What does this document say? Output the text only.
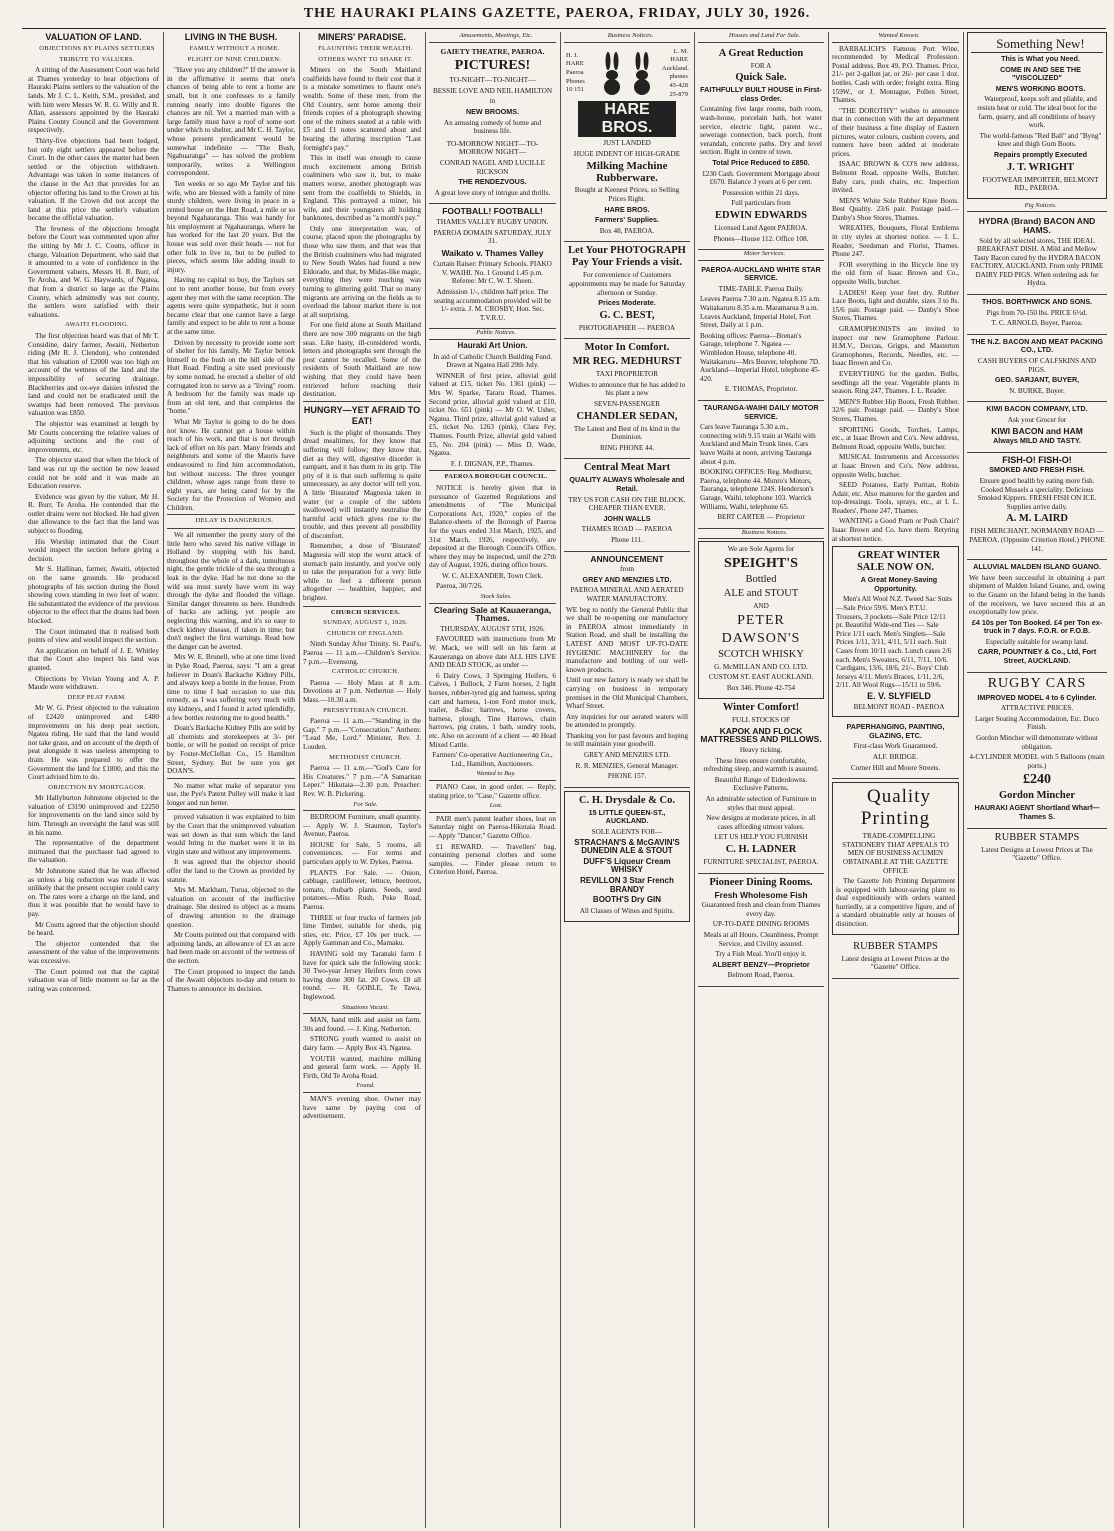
THE HAURAKI PLAINS GAZETTE, PAEROA, FRIDAY, JULY 30, 1926.

VALUATION OF LAND.

OBJECTIONS BY PLAINS SETTLERS

TRIBUTE TO VALUERS.

A sitting of the Assessment Court was held at Thames yesterday to hear objections of Hauraki Plains settlers to the valuation of the lands. Mr J. C. L. Keith, S.M., presided, and with him were Messrs W. R. G. Willy and R. Allan, assessors appointed by the Hauraki Plains County Council and the Government respectively.

Thirty-five objections had been lodged, but only eight settlers appeared before the Court. In the other cases the matter had been settled or the objection withdrawn. Advantage was taken in some instances of the clause in the Act that provides for an objector offering his land to the Crown at his valuation. If the Crown did not accept the land at this price the settler's valuation became the official valuation.

The fewness of the objections brought before the Court was commented upon after the sitting by Mr J. C. Coutts, officer in charge, Valuation Department, who said that it amounted to a vote of confidence in the Government valuers, Messrs H. R. Burr, of Te Aroha, and W. G. Haywards, of Ngatea, that from a district so large as the Plains County, which admittedly was not county, the settlers were satisfied with their valuations.

AWAITI FLOODING.

The first objection heard was that of Mr T. Considine, dairy farmer, Awaiti, Netherton riding (Mr R. J. Clendon), who contended that his valuation of £2000 was too high on account of the wetness of the land and the impossibility of securing drainage. Blackberries and ox-eye daisies infested the land and could not be eradicated until the swamps had been removed. The previous valuation was £850.

The objector was examined at length by Mr Coutts concerning the relative values of adjoining sections and the cost of improvements, etc.

The objector stated that when the block of land was cut up the section he now leased could not be sold and it was made an Education reserve.

Evidence was given by the valuer, Mr H. R. Burr, Te Aroha. He contended that the outlet drains were not blocked. He had given due allowance to the fact that the land was subject to flooding.

His Worship intimated that the Court would inspect the section before giving a decision.

Mr S. Hallinan, farmer, Awaiti, objected on the same grounds. He produced photographs of his section during the flood showing cows standing in two feet of water. He substantiated the evidence of the previous objector to the effect that the drains had been blocked.

The Court intimated that it realised both points of view and would inspect the section.

An application on behalf of J. E. Whitley that the Court also inspect his land was granted.

Objections by Vivian Young and A. P. Maude were withdrawn.

DEEP PEAT FARM.

Mr W. G. Priest objected to the valuation of £2420 unimproved and £480 improvements on his deep peat section, Ngatea riding. He said that the land would not take grass, and on account of the depth of peat alongside it was useless attempting to drain. He was prepared to offer the Government the land for £1800, and this the Court advised him to do.

OBJECTION BY MORTGAGOR.

Mr Hallyburton Johnstone objected to the valuation of £3190 unimproved and £2250 for improvements on the land since sold by him. Through an oversight the land was still in his name.

The representative of the department intimated that the purchaser had agreed to the valuation.

Mr Johnstone stated that he was affected as unless a big reduction was made it was unlikely that the present occupier could carry on. The rates were a charge on the land, and thus it was possible that he would have to pay.

Mr Coutts agreed that the objection should be heard.

The objector contended that the assessment of the value of the improvements was excessive.

The Court pointed out that the capital valuation was of little moment so far as the rating was concerned.

LIVING IN THE BUSH.

FAMILY WITHOUT A HOME.

PLIGHT OF NINE CHILDREN.

"Have you any children?" If the answer is in the affirmative it seems that one's chances of being able to rent a home are small, but it one confesses to a family running nearly into double figures the chances are nil. Yet a married man with a large family must have a roof of some sort under which to shelter, and Mr C. H. Taylor, whose present predicament would be somewhat indefinite — "The Bush, Ngahuaranga" — has solved the problem temporarily, writes a Wellington correspondent.

Ten weeks or so ago Mr Taylor and his wife, who are blessed with a family of nine sturdy children, were living in peace in a rented house on the Hutt Road, a mile or so beyond Ngahauranga. This was handy for his employment at Ngahauranga, where he has worked for the last 20 years. But the house was sold over their heads — not for other folk to live in, but to be pulled to pieces, which seems like adding insult to injury.

Having no capital to buy, the Taylors set out to rent another house, but from every agent they met with the same reception. The agents were quite sympathetic, but it soon became clear that one cannot have a large family and expect to be able to rent a house at the same time.

Driven by necessity to provide some sort of shelter for his family, Mr Taylor betook himself to the bush on the hill side of the Hutt Road. Finding a site used previously by some nomad, he erected a shelter of old corrugated iron to serve as a "living" room. A bedroom for the family was made up from an old tent, and that completes the "home."

What Mr Taylor is going to do he does not know. He cannot get a house within reach of his work, and that is not through lack of effort on his part. Many friends and neighbours and some of the Maoris have endeavoured to find him accommodation, but without success. The three younger children, whose ages range from three to eight years, are being cared for by the Society for the Protection of Women and Children.

DELAY IS DANGEROUS.

We all remember the pretty story of the little hero who saved his native village in Holland by stopping with his hand, throughout the whole of a dark, tumultuous night, the gentle trickle of the sea through a leak in the dyke. Had he not done so the wild sea must surely have worn its way through the dyke and flooded the village. Similar danger threatens us here. Hundreds of backs are aching, yet people are neglecting this warning, and it's so easy to check kidney disease, if taken in time; but don't neglect the first warnings. Read how the danger can be averted.

Mrs W. E. Brunell, who at one time lived in Pyke Road, Paeroa, says: "I am a great believer in Doan's Backache Kidney Pills, and always keep a bottle in the house. From time to time I had occasion to use this remedy, as I was suffering very much with my kidneys, and I found it acted splendidly, a few bottles restoring me to good health."

Doan's Backache Kidney Pills are sold by all chemists and storekeepers at 3/- per bottle, or will be posted on receipt of price by Foster-McClellan Co., 15 Hamilton Street, Sydney. But be sure you get DOAN'S.

No matter what make of separator you use, the Pye's Patent Pulley will make it last longer and run better.

proved valuation it was explained to him by the Court that the unimproved valuation was set down as that sum which the land would bring in the market were it in its virgin state and without any improvements.

It was agreed that the objector should offer the land to the Crown as provided by statute.

Mrs M. Markham, Turua, objected to the valuation on account of the ineffective drainage. She desired to object as a means of drawing attention to the drainage question.

Mr Coutts pointed out that compared with adjoining lands, an allowance of £3 an acre had been made on account of the wetness of the section.

The Court proposed to inspect the lands of the Awaiti objectors to-day and return to Thames to announce its decision.

MINERS' PARADISE.

FLAUNTING THEIR WEALTH.

OTHERS WANT TO SHARE IT.

Miners on the South Maitland coalfields have found to their cost that it is a mistake sometimes to flaunt one's wealth. Some of these men, from the Old Country, sent home among their friends copies of a photograph showing one of the miners seated at a table with £5 and £1 notes scattered about and bearing the alluring inscription "Last fortnight's pay."

This in itself was enough to cause much excitement among British coalminers who saw it, but, to make matters worse, another photograph was sent from the coalfields to Shields, in England. This portrayed a miner, his wife, and their youngsters all holding banknotes, described as "a month's pay."

Only one interpretation was, of course, placed upon the photographs by those who saw them, and that was that the British coalminers who had migrated to New South Wales had found a new Eldorado, and that, by Midas-like magic, everything they were touching was turning to glittering gold. That so many migrants are arriving on the fields as to overload the labour market there is not at all surprising.

For one field alone at South Maitland there are now 300 migrants on the high seas. Like hasty, ill-considered words, letters and photographs sent through the post cannot be recalled. Some of the residents of South Maitland are now wishing that they could have been retrieved before reaching their destination.

HUNGRY—YET AFRAID TO EAT!

Such is the plight of thousands. They dread mealtimes, for they know that suffering will follow; they know that, diet as they will, digestive disorder is rampant, and it has them in its grip. The pity of it is that such suffering is quite unnecessary, as any doctor will tell you. A little 'Bisurated' Magnesia taken in water (or a couple of the tablets swallowed) will instantly neutralise the harmful acid which gives rise to the trouble, and thus prevent all possibility of discomfort.

Remember, a dose of 'Bisurated' Magnesia will stop the worst attack of stomach pain instantly, and you've only to take the preparation for a very little while to feel a different person altogether — healthier, happier, and brighter.

CHURCH SERVICES.

SUNDAY, AUGUST 1, 1926.

CHURCH OF ENGLAND.

Ninth Sunday After Trinity. St. Paul's, Paeroa — 11 a.m.—Children's Service. 7 p.m.—Evensong.

CATHOLIC CHURCH.

Paeroa — Holy Mass at 8 a.m. Devotions at 7 p.m. Netherton — Holy Mass.—10.30 a.m.

PRESBYTERIAN CHURCH.

Paeroa — 11 a.m.—"Standing in the Gap." 7 p.m.—"Consecration." Anthem: "Lead Me, Lord." Minister, Rev. J. Louden.

METHODIST CHURCH.

Paeroa — 11 a.m.—"God's Care for His Creatures." 7 p.m.—"A Samaritan Leper." Hikutaia—2.30 p.m. Preacher: Rev. W. B. Pickering.

For Sale.

BEDROOM Furniture, small quantity. — Apply W. J. Staunton, Taylor's Avenue, Paeroa.

HOUSE for Sale, 5 rooms, all conveniences. — For terms and particulars apply to W. Dykes, Paeroa.

PLANTS For Sale. — Onion, cabbage, cauliflower, lettuce, beetroot, tomato, rhubarb plants. Seeds, seed potatoes.—Miss Rush, Peke Road, Paeroa.

THREE or four trucks of farmers job lime Timber, suitable for sheds, pig sties, etc. Price, £7 10s per truck. — Apply Gamman and Co., Mamaku.

HAVING sold my Taranaki farm I have for quick sale the following stock: 30 Two-year Jersey Heifers from cows having done 300 fat. 20 Cows. £8 all round. — H. GOBLE, Te Tawa, Inglewood.

Situations Vacant.

MAN, hand milk and assist on farm. 30s and found. — J. King, Netherton.

STRONG youth wanted to assist on dairy farm. — Apply Box 43, Ngatea.

YOUTH wanted, machine milking and general farm work. — Apply H. Firth, Old Te Aroha Road.

Found.

MAN'S evening shoe. Owner may have same by paying cost of advertisement.

Amusements, Meetings, Etc.

GAIETY THEATRE, PAEROA.

PICTURES!

TO-NIGHT—TO-NIGHT—

BESSIE LOVE AND NEIL HAMILTON

in

NEW BROOMS.

An amusing comedy of home and business life.

TO-MORROW NIGHT—TO-MORROW NIGHT—

CONRAD NAGEL AND LUCILLE RICKSON

THE RENDEZVOUS.

A great love story of intrigue and thrills.

FOOTBALL! FOOTBALL!

THAMES VALLEY RUGBY UNION.

PAEROA DOMAIN SATURDAY, JULY 31.

Waikato v. Thames Valley

Curtain Raiser: Primary Schools. PIAKO V. WAIHI. No. 1 Ground 1.45 p.m. Referee: Mr C. W. T. Sheen.

Admission 1/-, children half price. The seating accommodation provided will be 1/- extra. J. M. CROSBY, Hon. Sec. T.V.R.U.

Public Notices.

Hauraki Art Union.

In aid of Catholic Church Building Fund. Drawn at Ngatea Hall 29th July.

WINNER of first prize, alluvial gold valued at £15, ticket No. 1361 (pink) — Mrs W. Sparke, Tararu Road, Thames. Second prize, alluvial gold valued at £10, ticket No. 651 (pink) — Mr O. W. Usher, Ngatea. Third prize, alluvial gold valued at £5, ticket No. 1263 (pink), Clara Fey, Thames. Fourth Prize, alluvial gold valued £5, No. 204 (pink) — Miss D. Wade, Ngatea.

F. J. DIGNAN, P.P., Thames.

PAEROA BOROUGH COUNCIL.

NOTICE is hereby given that in pursuance of Gazetted Regulations and amendments of "The Municipal Corporations Act, 1920," copies of the Balance-sheets of the Borough of Paeroa for the years ended 31st March, 1925, and 31st March, 1926, respectively, are deposited at the Borough Council's Office, where they may be inspected, until the 27th day of August, 1926, during office hours.

W. C. ALEXANDER, Town Clerk.

Paeroa, 30/7/26.

Stock Sales.

Clearing Sale at Kauaeranga, Thames.

THURSDAY, AUGUST 5TH, 1926.

FAVOURED with instructions from Mr W. Mack, we will sell on his farm at Kauaeranga on above date ALL HIS LIVE AND DEAD STOCK, as under —

6 Dairy Cows, 3 Springing Heifers, 6 Calves, 1 Bullock, 2 Farm horses, 2 light horses, rubber-tyred gig and harness, spring cart and harness, 1-ton Ford motor truck, trailer, 8-disc harrows, horse covers, harness, plough, Tine Harrows, chain harrows, pig crates, 1 bath, sundry tools, etc. Also on account of a client — 40 Head Mixed Cattle.

Farmers' Co-operative Auctioneering Co., Ltd., Hamilton, Auctioneers.

Wanted to Buy.

PIANO Case, in good order. — Reply, stating price, to "Case," Gazette office.

Lost.

PAIR men's patent leather shoes, lost on Saturday night on Paeroa-Hikutaia Road. — Apply "Dancer," Gazette Office.

£1 REWARD. — Travellers' bag, containing personal clothes and some samples. — Finder please return to Criterion Hotel, Paeroa.

Business Notices.

H. J. HARE Paeroa Phones 10 151
L. M. HARE Auckland. phones 45-428 25-879

HARE BROS.

JUST LANDED

HUGE INDENT OF HIGH-GRADE

Milking Machine Rubberware.

Bought at Keenest Prices, so Selling Prices Right.

HARE BROS.

Farmers' Supplies.

Box 48, PAEROA.

Let Your PHOTOGRAPH Pay Your Friends a visit.

For convenience of Customers appointments may be made for Saturday afternoon or Sunday.

Prices Moderate.

G. C. BEST,

PHOTOGRAPHER — PAEROA

Motor In Comfort.

MR REG. MEDHURST

TAXI PROPRIETOR

Wishes to announce that he has added to his plant a new

SEVEN-PASSENGER

CHANDLER SEDAN,

The Latest and Best of its kind in the Dominion.

RING PHONE 44.

Central Meat Mart

QUALITY ALWAYS Wholesale and Retail.

TRY US FOR CASH ON THE BLOCK. CHEAPER THAN EVER.

JOHN WALLS

THAMES ROAD — PAEROA

Phone 111.

ANNOUNCEMENT

from

GREY AND MENZIES LTD.

PAEROA MINERAL AND AERATED WATER MANUFACTORY.

WE beg to notify the General Public that we shall be re-opening our manufactory in PAEROA almost immediately in Station Road, and shall be installing the LATEST AND MOST UP-TO-DATE HYGIENIC MACHINERY for the manufacture and bottling of our well-known products.

Until our new factory is ready we shall be carrying on business in temporary premises in the Old Municipal Chambers, Wharf Street.

Any inquiries for our aerated waters will be attended to promptly.

Thanking you for past favours and hoping to still maintain your goodwill.

GREY AND MENZIES LTD.

R. R. MENZIES, General Manager.

PHONE 157.

C. H. Drysdale & Co.

15 LITTLE QUEEN-ST., AUCKLAND.

SOLE AGENTS FOR—

STRACHAN'S & McGAVIN'S DUNEDIN ALE & STOUT

DUFF'S Liqueur Cream WHISKY

REVILLON 3 Star French BRANDY

BOOTH'S Dry GIN

All Classes of Wines and Spirits.

Houses and Land For Sale.

A Great Reduction

FOR A

Quick Sale.

FAITHFULLY BUILT HOUSE in First-class Order.

Containing five large rooms, bath room, wash-house, porcelain bath, hot water service, electric light, patent w.c., sewerage connection, back porch, front verandah, concrete paths. Dry and level section. Right in centre of town.

Total Price Reduced to £850.

£230 Cash. Government Mortgage about £670. Balance 3 years at 6 per cent.

Possession within 21 days.

Full particulars from

EDWIN EDWARDS

Licensed Land Agent PAEROA.

Phones—House 112. Office 108.

Motor Services.

PAEROA-AUCKLAND WHITE STAR SERVICE.

TIME-TABLE. Paeroa Daily.

Leaves Paeroa 7.30 a.m. Ngatea 8.15 a.m. Waitakaruru 8.35 a.m. Maramarua 9 a.m. Leaves Auckland, Imperial Hotel, Fort Street, Daily at 1 p.m.

Booking offices: Paeroa—Brenan's Garage, telephone 7. Ngatea — Wimbledon House, telephone 40. Waitakaruru—Mrs Beaver, telephone 7D. Auckland—Imperial Hotel, telephone 45-420.

E. THOMAS, Proprietor.

TAURANGA-WAIHI DAILY MOTOR SERVICE.

Cars leave Tauranga 5.30 a.m., connecting with 9.15 train at Waihi with Auckland and Main Trunk lines. Cars leave Waihi at noon, arriving Tauranga about 4 p.m.

BOOKING OFFICES: Reg. Medhurst, Paeroa, telephone 44. Munro's Motors, Tauranga, telephone 124S. Henderson's Garage, Waihi, telephone 103. Warrick Williams, Waihi, telephone 65.

BERT CARTER — Proprietor

Business Notices.

We are Sole Agents for

SPEIGHT'S

Bottled

ALE and STOUT

AND

PETER

DAWSON'S

SCOTCH WHISKY

G. McMILLAN AND CO. LTD.

CUSTOM ST. EAST AUCKLAND.

Box 346. Phone 42-754

Winter Comfort!

FULL STOCKS OF

KAPOK AND FLOCK MATTRESSES AND PILLOWS.

Heavy ticking.

These lines ensure comfortable, refreshing sleep, and warmth is assured.

Beautiful Range of Eiderdowns. Exclusive Patterns.

An admirable selection of Furniture in styles that must appeal.

New designs at moderate prices, in all cases affording utmost values.

LET US HELP YOU FURNISH

C. H. LADNER

FURNITURE SPECIALIST, PAEROA.

Pioneer Dining Rooms.

Fresh Wholesome Fish

Guaranteed fresh and clean from Thames every day.

UP-TO-DATE DINING ROOMS

Meals at all Hours. Cleanliness, Prompt Service, and Civility assured.

Try a Fish Meal. You'll enjoy it.

ALBERT BENZY—Proprietor

Belmont Road, Paeroa.

Wanted Known.

BARBALICH'S Famous Port Wine, recommended by Medical Profession. Postal address, Box 49, P.O. Thames. Price, 21/- per 2-gallon jar, or 26/- per case 1 doz. bottles. Cash with order; freight extra. Ring 159W., or J. Montague, Pollen Street, Thames.

"THE DOROTHY" wishes to announce that in connection with the art department of their business a fine display of Eastern pictures, water colours, cushion covers, and runners have been added at moderate prices.

ISAAC BROWN & CO'S new address, Belmont Road, opposite Wells, Butcher. Baby cars, push chairs, etc. Inspection invited.

MEN'S White Sole Rubber Knee Boots. Best Quality. 23/6 pair. Postage paid.—Danby's Shoe Stores, Thames.

WREATHS, Bouquets, Floral Emblems in city styles at shortest notice. — I. L. Reader, Seedsman and Florist, Thames. Phone 247.

FOR everything in the Bicycle line try the old firm of Isaac Brown and Co., opposite Wells, butcher.

LADIES! Keep your feet dry. Rubber Lace Boots, light and durable, sizes 3 to 8s. 15/6 pair. Postage paid. — Danby's Shoe Stores, Thames.

GRAMOPHONISTS are invited to inspect our new Gramophone Parlour. H.M.V., Deccas, Grigps, and Masterton Gramophones, Records, Needles, etc. — Isaac Brown and Co.

EVERYTHING for the garden. Bulbs, seedlings all the year. Vegetable plants in season. Ring 247, Thames. I. L. Reader.

MEN'S Rubber Hip Boots, Fresh Rubber. 32/6 pair. Postage paid. — Danby's Shoe Stores, Thames.

SPORTING Goods, Torches, Lamps, etc., at Isaac Brown and Co's. New address, Belmont Road, opposite Wells, butcher.

MUSICAL Instruments and Accessories at Isaac Brown and Co's. New address, opposite Wells, butcher.

SEED Potatoes, Early Puritan, Robin Adair, etc. Also manures for the garden and top-dressings. Tools, sprays, etc., at I. L. Readers', Phone 247, Thames.

WANTING a Good Pram or Push Chair? Isaac Brown and Co. have them. Retyring at shortest notice.

GREAT WINTER SALE NOW ON.

A Great Money-Saving Opportunity.

Men's All Wool N.Z. Tweed Sac Suits—Sale Price 59/6. Men's P.T.U. Trousers, 3 pockets—Sale Price 12/11 pr. Beautiful Wide-end Ties — Sale Price 1/11 each. Men's Singlets—Sale Prices 1/11, 3/11, 4/11, 5/11 each. Suit Cases from 10/11 each. Lunch cases 2/6 each. Men's Sweaters, 6/11, 7/11, 10/6. Cardigans, 13/6, 18/6, 21/-. Boys' Club Jerseys 4/11. Men's Braces, 1/11, 2/6, 2/11. All Wool Rugs—15/11 to 59/6.

E. V. SLYFIELD

BELMONT ROAD - PAEROA

PAPERHANGING, PAINTING, GLAZING, ETC.

First-class Work Guaranteed.

ALF. BRIDGE.

Corner Hill and Moore Streets.

Quality Printing

TRADE-COMPELLING STATIONERY THAT APPEALS TO MEN OF BUSINESS ACUMEN OBTAINABLE AT THE GAZETTE OFFICE

The Gazette Job Printing Department is equipped with labour-saving plant to deal expeditiously with orders wanted hurriedly, at a competitive figure, and of a standard obtainable only at houses of distinction.

RUBBER STAMPS

Latest designs at Lowest Prices at the "Gazette" Office.

Something New!

This is What you Need.

COME IN AND SEE THE "VISCOLIZED"

MEN'S WORKING BOOTS.

Waterproof, keeps soft and pliable, and resists heat or cold. The ideal boot for the farm, quarry, and all conditions of heavy work.

The world-famous "Red Ball" and "Byng" knee and thigh Gum Boots.

Repairs promptly Executed

J. T. WRIGHT

FOOTWEAR IMPORTER, BELMONT RD., PAEROA.

Pig Notices.

HYDRA (Brand) BACON AND HAMS.

Sold by all selected stores, THE IDEAL BREAKFAST DISH. A Mild and Mellow Tasty Bacon cured by the HYDRA BACON FACTORY, AUCKLAND. From only PRIME DAIRY FED PIGS. When ordering ask for Hydra.

THOS. BORTHWICK AND SONS.

Pigs from 70-150 lbs. PRICE 6½d.

T. C. ARNOLD, Buyer, Paeroa.

THE N.Z. BACON AND MEAT PACKING CO., LTD.

CASH BUYERS OF CALFSKINS AND PIGS.

GEO. SARJANT, BUYER,

N. BURKE, Buyer.

KIWI BACON COMPANY, LTD.

Ask your Grocer for

KIWI BACON and HAM

Always MILD AND TASTY.

FISH-O! FISH-O!

SMOKED AND FRESH FISH.

Ensure good health by eating more fish. Cooked Mussels a speciality. Delicious Smoked Kippers. FRESH FISH ON ICE. Supplies arrive daily.

A. M. LAIRD

FISH MERCHANT, NORMANBY ROAD — PAEROA. (Opposite Criterion Hotel.) PHONE 141.

ALLUVIAL MALDEN ISLAND GUANO.

We have been successful in obtaining a part shipment of Malden Island Guano, and, owing to the Guano on the Island being in the hands of the receivers, we have secured this at an exceptionally low price.

£4 10s per Ton Booked. £4 per Ton ex-truck in 7 days. F.O.R. or F.O.B.

Especially suitable for swamp land.

CARR, POUNTNEY & Co., Ltd, Fort Street, AUCKLAND.

RUGBY CARS

IMPROVED MODEL 4 to 6 Cylinder.

ATTRACTIVE PRICES.

Larger Seating Accommodation, Etc. Duco Finish.

Gordon Mincher will demonstrate without obligation.

4-CYLINDER MODEL with 5 Balloons (main ports.)

£240

Gordon Mincher

HAURAKI AGENT Shortland Wharf—Thames S.

RUBBER STAMPS

Latest Designs at Lowest Prices at The "Gazette" Office.
